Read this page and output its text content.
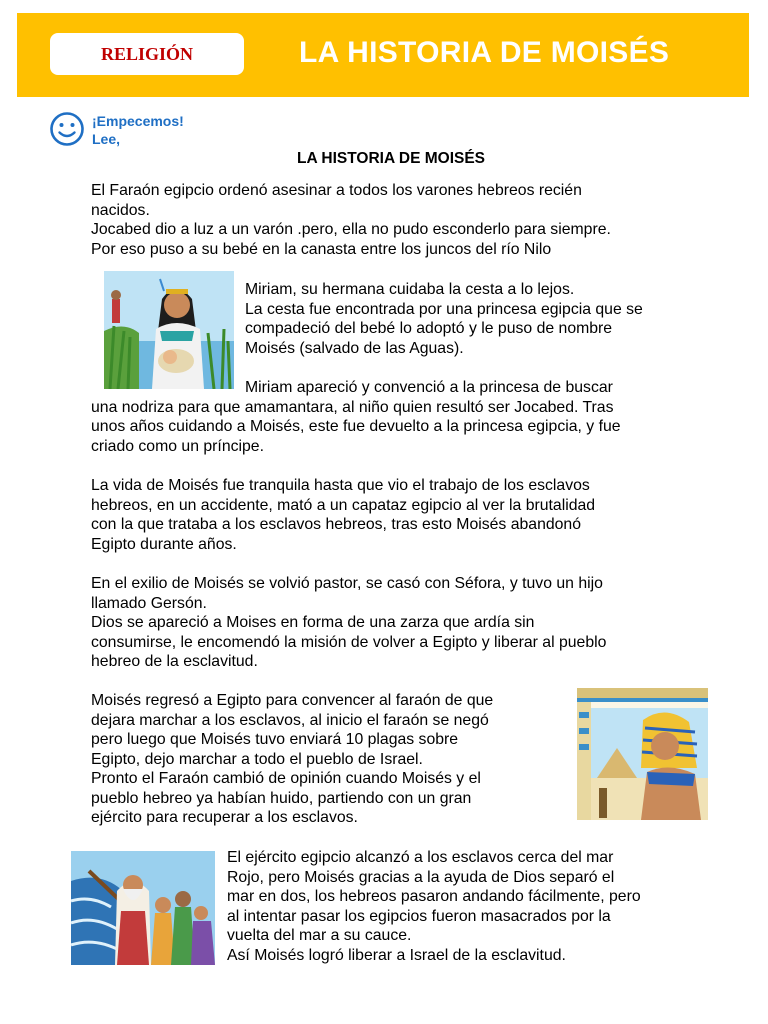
RELIGIÓN	LA HISTORIA DE MOISÉS
¡Empecemos!
Lee,
LA HISTORIA DE MOISÉS
El Faraón egipcio ordenó asesinar a todos los varones hebreos recién
nacidos.
Jocabed dio a luz a un varón .pero, ella no pudo esconderlo para siempre.
Por eso puso a su bebé en la canasta entre los juncos del río Nilo
Miriam, su hermana cuidaba la cesta a lo lejos.
La cesta fue encontrada por una princesa egipcia que se
compadeció del bebé lo adoptó y le puso de nombre
Moisés (salvado de las Aguas).
Miriam apareció y convenció a la princesa de buscar
una nodriza para que amamantara, al niño quien resultó ser Jocabed. Tras
unos años cuidando a Moisés, este fue devuelto a la princesa egipcia, y fue
criado como un príncipe.
La vida de Moisés fue tranquila hasta que vio el trabajo de los esclavos
hebreos, en un accidente, mató a un capataz egipcio al ver la brutalidad
con la que trataba a los esclavos hebreos, tras esto Moisés abandonó
Egipto durante años.
En el exilio de Moisés se volvió pastor, se casó con Séfora, y tuvo un hijo
llamado Gersón.
Dios se apareció a Moises en forma de una zarza que ardía sin
consumirse, le encomendó la misión de volver a Egipto y liberar al pueblo
hebreo de la esclavitud.
Moisés regresó a Egipto para convencer al faraón de que
dejara marchar a los esclavos, al inicio el faraón se negó
pero luego que Moisés tuvo enviará 10 plagas sobre
Egipto, dejo marchar a todo el pueblo de Israel.
Pronto el Faraón cambió de opinión cuando Moisés y el
pueblo hebreo ya habían huido, partiendo con un gran
ejército para recuperar a los esclavos.
El ejército egipcio alcanzó a los esclavos cerca del mar
Rojo, pero Moisés gracias a la ayuda de Dios separó el
mar en dos, los hebreos pasaron andando fácilmente, pero
al intentar pasar los egipcios fueron masacrados por la
vuelta del mar a su cauce.
Así Moisés logró liberar a Israel de la esclavitud.
